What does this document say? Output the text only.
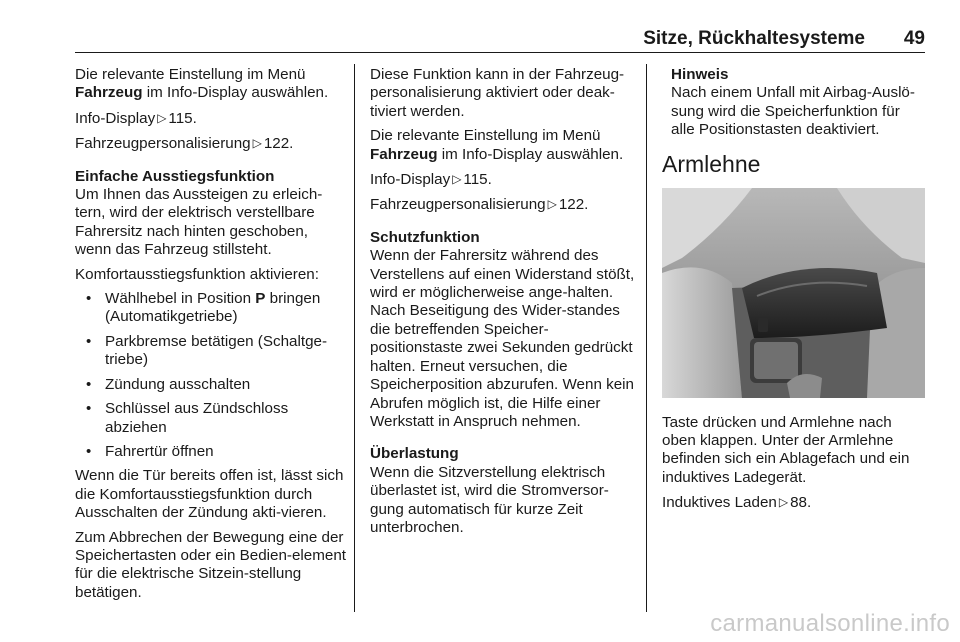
Sitze, Rückhaltesysteme 49

Die relevante Einstellung im Menü
Fahrzeug im Info-Display auswählen.

Info-Display ▷ 115.

Fahrzeugpersonalisierung ▷ 122.

Einfache Ausstiegsfunktion
Um Ihnen das Aussteigen zu erleich-tern, wird der elektrisch verstellbare Fahrersitz nach hinten geschoben, wenn das Fahrzeug stillsteht.

Komfortausstiegsfunktion aktivieren:

• Wählhebel in Position P bringen (Automatikgetriebe)
• Parkbremse betätigen (Schaltge-triebe)
• Zündung ausschalten
• Schlüssel aus Zündschloss abziehen
• Fahrertür öffnen

Wenn die Tür bereits offen ist, lässt sich die Komfortausstiegsfunktion durch Ausschalten der Zündung akti-vieren.

Zum Abbrechen der Bewegung eine der Speichertasten oder ein Bedien-element für die elektrische Sitzein-stellung betätigen.

Diese Funktion kann in der Fahrzeug-personalisierung aktiviert oder deak-tiviert werden.

Die relevante Einstellung im Menü
Fahrzeug im Info-Display auswählen.

Info-Display ▷ 115.

Fahrzeugpersonalisierung ▷ 122.

Schutzfunktion
Wenn der Fahrersitz während des Verstellens auf einen Widerstand stößt, wird er möglicherweise ange-halten. Nach Beseitigung des Wider-standes die betreffenden Speicher-positionstaste zwei Sekunden gedrückt halten. Erneut versuchen, die Speicherposition abzurufen. Wenn kein Abrufen möglich ist, die Hilfe einer Werkstatt in Anspruch nehmen.

Überlastung
Wenn die Sitzverstellung elektrisch überlastet ist, wird die Stromversor-gung automatisch für kurze Zeit unterbrochen.

Hinweis
Nach einem Unfall mit Airbag-Auslö-sung wird die Speicherfunktion für alle Positionstasten deaktiviert.
Armlehne

Taste drücken und Armlehne nach oben klappen. Unter der Armlehne befinden sich ein Ablagefach und ein induktives Ladegerät.

Induktives Laden ▷ 88.

carmanualsonline.info
